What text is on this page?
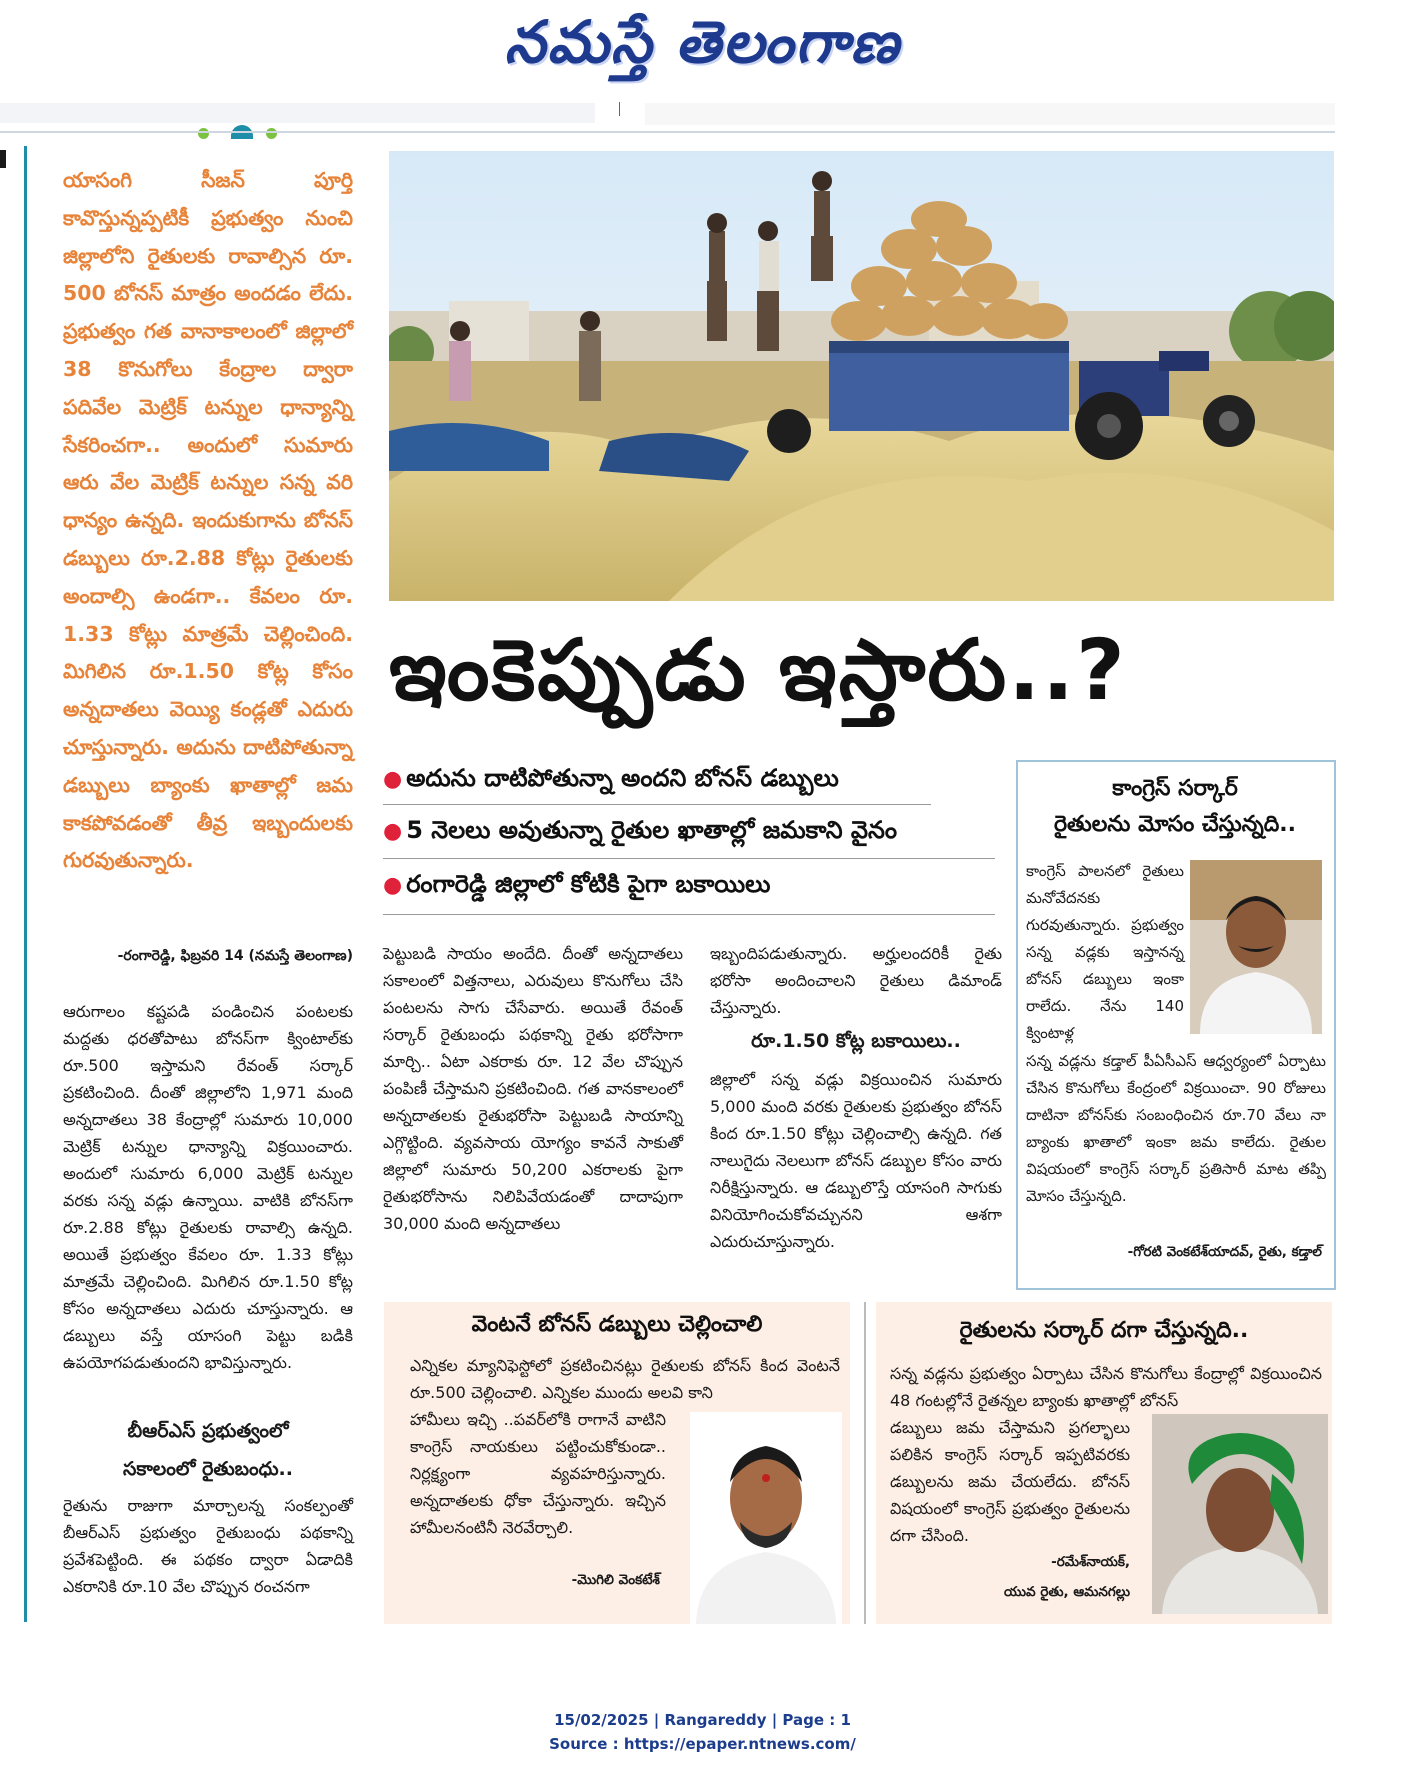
నమస్తే తెలంగాణ

యాసంగి సీజన్ పూర్తి కావొస్తున్నప్పటికీ ప్రభుత్వం నుంచి జిల్లాలోని రైతులకు రావాల్సిన రూ. 500 బోనస్ మాత్రం అందడం లేదు. ప్రభుత్వం గత వానాకాలంలో జిల్లాలో 38 కొనుగోలు కేంద్రాల ద్వారా పదివేల మెట్రిక్ టన్నుల ధాన్యాన్ని సేకరించగా.. అందులో సుమారు ఆరు వేల మెట్రిక్ టన్నుల సన్న వరి ధాన్యం ఉన్నది. ఇందుకుగాను బోనస్ డబ్బులు రూ.2.88 కోట్లు రైతులకు అందాల్సి ఉండగా.. కేవలం రూ. 1.33 కోట్లు మాత్రమే చెల్లించింది. మిగిలిన రూ.1.50 కోట్ల కోసం అన్నదాతలు వెయ్యి కండ్లతో ఎదురు చూస్తున్నారు. అదును దాటిపోతున్నా డబ్బులు బ్యాంకు ఖాతాల్లో జమ కాకపోవడంతో తీవ్ర ఇబ్బందులకు గురవుతున్నారు.

-రంగారెడ్డి, ఫిబ్రవరి 14 (నమస్తే తెలంగాణ)

ఆరుగాలం కష్టపడి పండించిన పంటలకు మద్దతు ధరతోపాటు బోనస్‌గా క్వింటాల్‌కు రూ.500 ఇస్తామని రేవంత్ సర్కార్ ప్రకటించింది. దీంతో జిల్లాలోని 1,971 మంది అన్నదాతలు 38 కేంద్రాల్లో సుమారు 10,000 మెట్రిక్ టన్నుల ధాన్యాన్ని విక్రయించారు. అందులో సుమారు 6,000 మెట్రిక్ టన్నుల వరకు సన్న వడ్లు ఉన్నాయి. వాటికి బోనస్‌గా రూ.2.88 కోట్లు రైతులకు రావాల్సి ఉన్నది. అయితే ప్రభుత్వం కేవలం రూ. 1.33 కోట్లు మాత్రమే చెల్లించింది. మిగిలిన రూ.1.50 కోట్ల కోసం అన్నదాతలు ఎదురు చూస్తున్నారు. ఆ డబ్బులు వస్తే యాసంగి పెట్టు బడికి ఉపయోగపడుతుందని భావిస్తున్నారు.

బీఆర్ఎస్ ప్రభుత్వంలో
సకాలంలో రైతుబంధు..

రైతును రాజుగా మార్చాలన్న సంకల్పంతో బీఆర్ఎస్ ప్రభుత్వం రైతుబంధు పథకాన్ని ప్రవేశపెట్టింది. ఈ పథకం ద్వారా ఏడాదికి ఎకరానికి రూ.10 వేల చొప్పున రంచనగా

ఇంకెప్పుడు ఇస్తారు..?
● అదును దాటిపోతున్నా అందని బోనస్ డబ్బులు
● 5 నెలలు అవుతున్నా రైతుల ఖాతాల్లో జమకాని వైనం
● రంగారెడ్డి జిల్లాలో కోటికి పైగా బకాయిలు

పెట్టుబడి సాయం అందేది. దీంతో అన్నదాతలు సకాలంలో విత్తనాలు, ఎరువులు కొనుగోలు చేసి పంటలను సాగు చేసేవారు. అయితే రేవంత్ సర్కార్ రైతుబంధు పథకాన్ని రైతు భరోసాగా మార్చి.. ఏటా ఎకరాకు రూ. 12 వేల చొప్పున పంపిణీ చేస్తామని ప్రకటించింది. గత వానకాలంలో అన్నదాతలకు రైతుభరోసా పెట్టుబడి సాయాన్ని ఎగ్గొట్టింది. వ్యవసాయ యోగ్యం కావనే సాకుతో జిల్లాలో సుమారు 50,200 ఎకరాలకు పైగా రైతుభరోసాను నిలిపివేయడంతో దాదాపుగా 30,000 మంది అన్నదాతలు

ఇబ్బందిపడుతున్నారు. అర్హులందరికీ రైతు భరోసా అందించాలని రైతులు డిమాండ్ చేస్తున్నారు.

రూ.1.50 కోట్ల బకాయిలు..

జిల్లాలో సన్న వడ్లు విక్రయించిన సుమారు 5,000 మంది వరకు రైతులకు ప్రభుత్వం బోనస్ కింద రూ.1.50 కోట్లు చెల్లించాల్సి ఉన్నది. గత నాలుగైదు నెలలుగా బోనస్ డబ్బుల కోసం వారు నిరీక్షిస్తున్నారు. ఆ డబ్బులొస్తే యాసంగి సాగుకు వినియోగించుకోవచ్చునని ఆశగా ఎదురుచూస్తున్నారు.

కాంగ్రెస్ సర్కార్
రైతులను మోసం చేస్తున్నది..

కాంగ్రెస్ పాలనలో రైతులు మనోవేదనకు గురవుతున్నారు. ప్రభుత్వం సన్న వడ్లకు ఇస్తానన్న బోనస్ డబ్బులు ఇంకా రాలేదు. నేను 140 క్వింటాళ్ల

సన్న వడ్లను కడ్తాల్ పీఏసీఎస్ ఆధ్వర్యంలో ఏర్పాటు చేసిన కొనుగోలు కేంద్రంలో విక్రయించా. 90 రోజులు దాటినా బోనస్‌కు సంబంధించిన రూ.70 వేలు నా బ్యాంకు ఖాతాలో ఇంకా జమ కాలేదు. రైతుల విషయంలో కాంగ్రెస్ సర్కార్ ప్రతిసారీ మాట తప్పి మోసం చేస్తున్నది.

-గోరటి వెంకటేశ్‌యాదవ్, రైతు, కడ్తాల్
వెంటనే బోనస్ డబ్బులు చెల్లించాలి

ఎన్నికల మ్యానిఫెస్టోలో ప్రకటించినట్లు రైతులకు బోనస్ కింద వెంటనే రూ.500 చెల్లించాలి. ఎన్నికల ముందు అలవి కాని

హామీలు ఇచ్చి ..పవర్‌లోకి రాగానే వాటిని కాంగ్రెస్ నాయకులు పట్టించుకోకుండా.. నిర్లక్ష్యంగా వ్యవహరిస్తున్నారు. అన్నదాతలకు ధోకా చేస్తున్నారు. ఇచ్చిన హామీలనంటినీ నెరవేర్చాలి.

-మొగిలి వెంకటేశ్
రైతులను సర్కార్ దగా చేస్తున్నది..

సన్న వడ్లను ప్రభుత్వం ఏర్పాటు చేసిన కొనుగోలు కేంద్రాల్లో విక్రయించిన 48 గంటల్లోనే రైతన్నల బ్యాంకు ఖాతాల్లో బోనస్

డబ్బులు జమ చేస్తామని ప్రగల్భాలు పలికిన కాంగ్రెస్ సర్కార్ ఇప్పటివరకు డబ్బులను జమ చేయలేదు. బోనస్ విషయంలో కాంగ్రెస్ ప్రభుత్వం రైతులను దగా చేసింది.

-రమేశ్‌నాయక్,
యువ రైతు, ఆమనగల్లు
15/02/2025 | Rangareddy | Page : 1
Source : https://epaper.ntnews.com/
